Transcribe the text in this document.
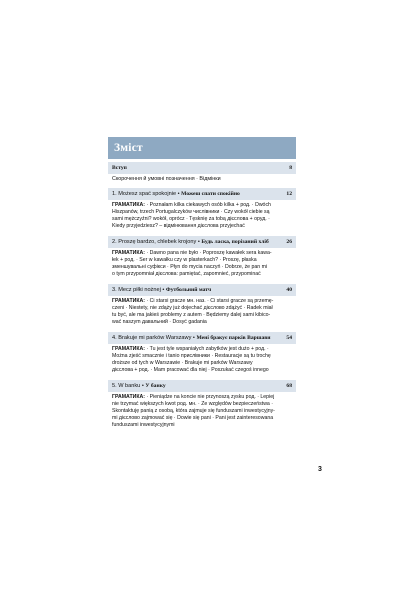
Зміст
Вступ	8
Скорочення й умовні позначення · Відмінки
1. Możesz spać spokojnie • Можеш спати спокійно	12
ГРАМАТИКА: · Poznałam kilka ciekawych osób kilka + род. · Dwóch
Hiszpanów, trzech Portugalczyków числівники · Czy wokół ciebie są
sami mężczyźni? wokół, oprócz · Tęsknię za tobą дієслова + оруд. ·
Kiedy przyjedziesz? – відмінювання дієслова przyjechać
2. Proszę bardzo, chlebek krojony • Будь ласка, порізаний хліб	26
ГРАМАТИКА: · Dawno pana nie było · Poproszę kawałek sera kawa-
łek + род. · Ser w kawałku czy w plasterkach? · Proszę, płaska
зменшувальні суфікси · Płyn do mycia naczyń · Dobrze, że pan mi
o tym przypomniał дієслова: pamiętać, zapomnieć, przypominać
3. Mecz piłki nożnej • Футбольний матч	40
ГРАМАТИКА: · Ci starsi gracze мн. наз. · Ci starsi gracze są przemę-
czeni · Niestety, nie zdąży już dojechać дієслово zdążyć · Radek miał
tu być, ale ma jakieś problemy z autem · Będziemy dalej sami kibico-
wać naszym давальний · Dosyć gadania
4. Brakuje mi parków Warszawy • Мені бракує парків Варшави	54
ГРАМАТИКА: · Tu jest tyle wspaniałych zabytków jest dużo + род. ·
Można zjeść smacznie i tanio прислівники · Restauracje są tu trochę
droższe od tych w Warszawie · Brakuje mi parków Warszawy
дієслова + род. · Mam pracować dla niej · Poszukać czegoś innego
5. W banku • У банку	68
ГРАМАТИКА: · Pieniądze na koncie nie przynoszą zysku род. · Lepiej
nie trzymać większych kwot род. мн. · Ze względów bezpieczeństwa ·
Skontaktuję panią z osobą, która zajmuje się funduszami inwestycyjny-
mi дієслово zajmować się · Dowie się pani · Pani jest zainteresowana
funduszami inwestycyjnymi
3
